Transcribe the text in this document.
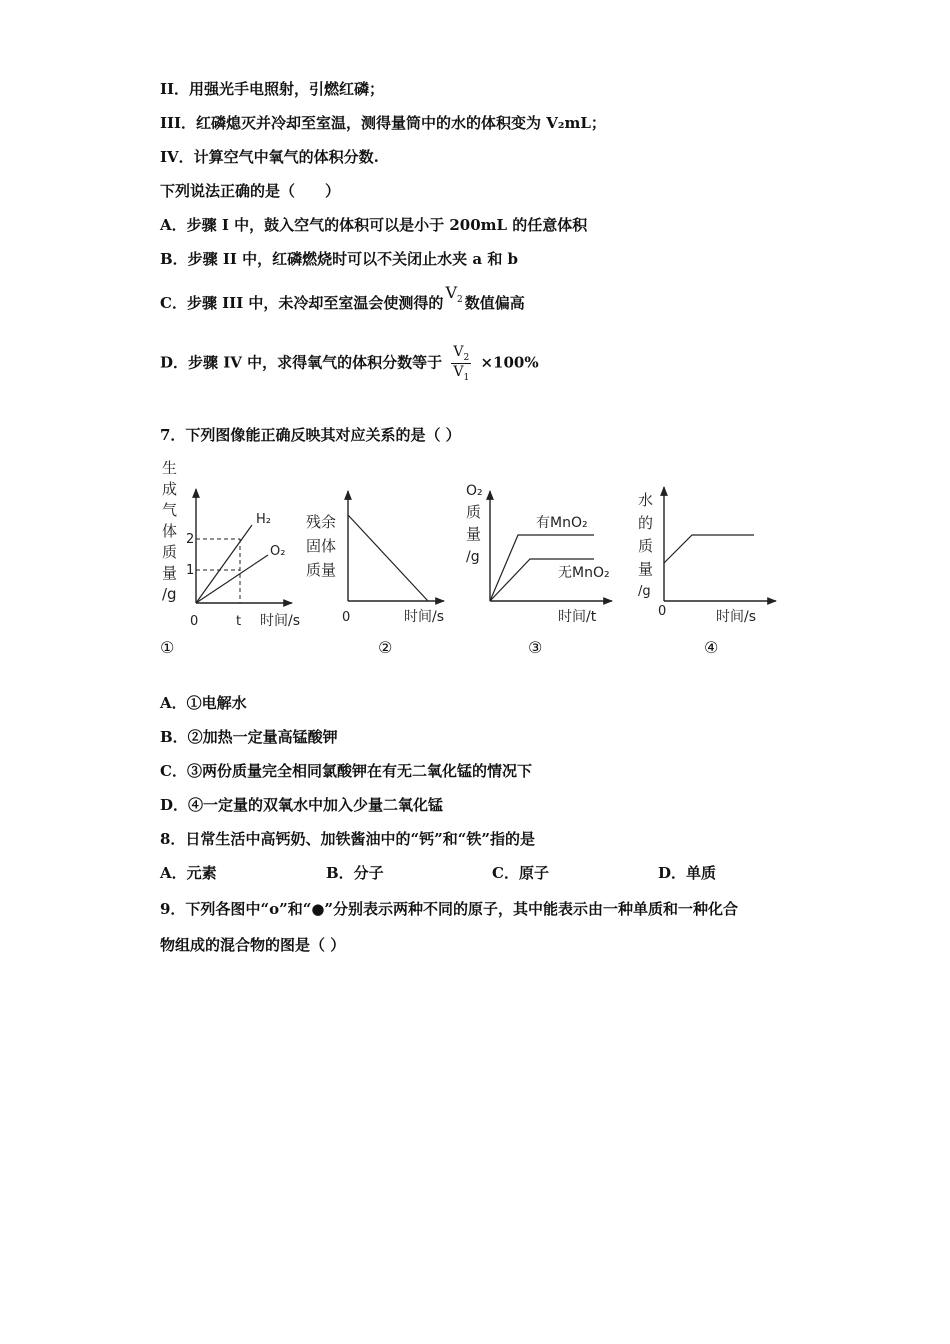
II．用强光手电照射，引燃红磷；
III．红磷熄灭并冷却至室温，测得量筒中的水的体积变为 V₂mL；
IV．计算空气中氧气的体积分数.
下列说法正确的是（　　）
A．步骤 I 中，鼓入空气的体积可以是小于 200mL 的任意体积
B．步骤 II 中，红磷燃烧时可以不关闭止水夹 a 和 b
C．步骤 III 中，未冷却至室温会使测得的$V_2$ 数值偏高
D．步骤 IV 中，求得氧气的体积分数等于 $\frac{V_2}{V_1} \times 100\%$
7．下列图像能正确反映其对应关系的是（ ）
生
成
气
体
质
量
/g
2
1
H₂
O₂
0	t 时间/s
残余
固体
质量
0	时间/s
O₂
质
量
/g
有MnO₂
无MnO₂
时间/t
水
的
质
量
/g
0	时间/s
①	②	③	④
A．①电解水
B．②加热一定量高锰酸钾
C．③两份质量完全相同氯酸钾在有无二氧化锰的情况下
D．④一定量的双氧水中加入少量二氧化锰
8．日常生活中高钙奶、加铁酱油中的“钙”和“铁”指的是
A．元素	B．分子	C．原子	D．单质
9．下列各图中“o”和“●”分别表示两种不同的原子，其中能表示由一种单质和一种化合
物组成的混合物的图是（ ）
